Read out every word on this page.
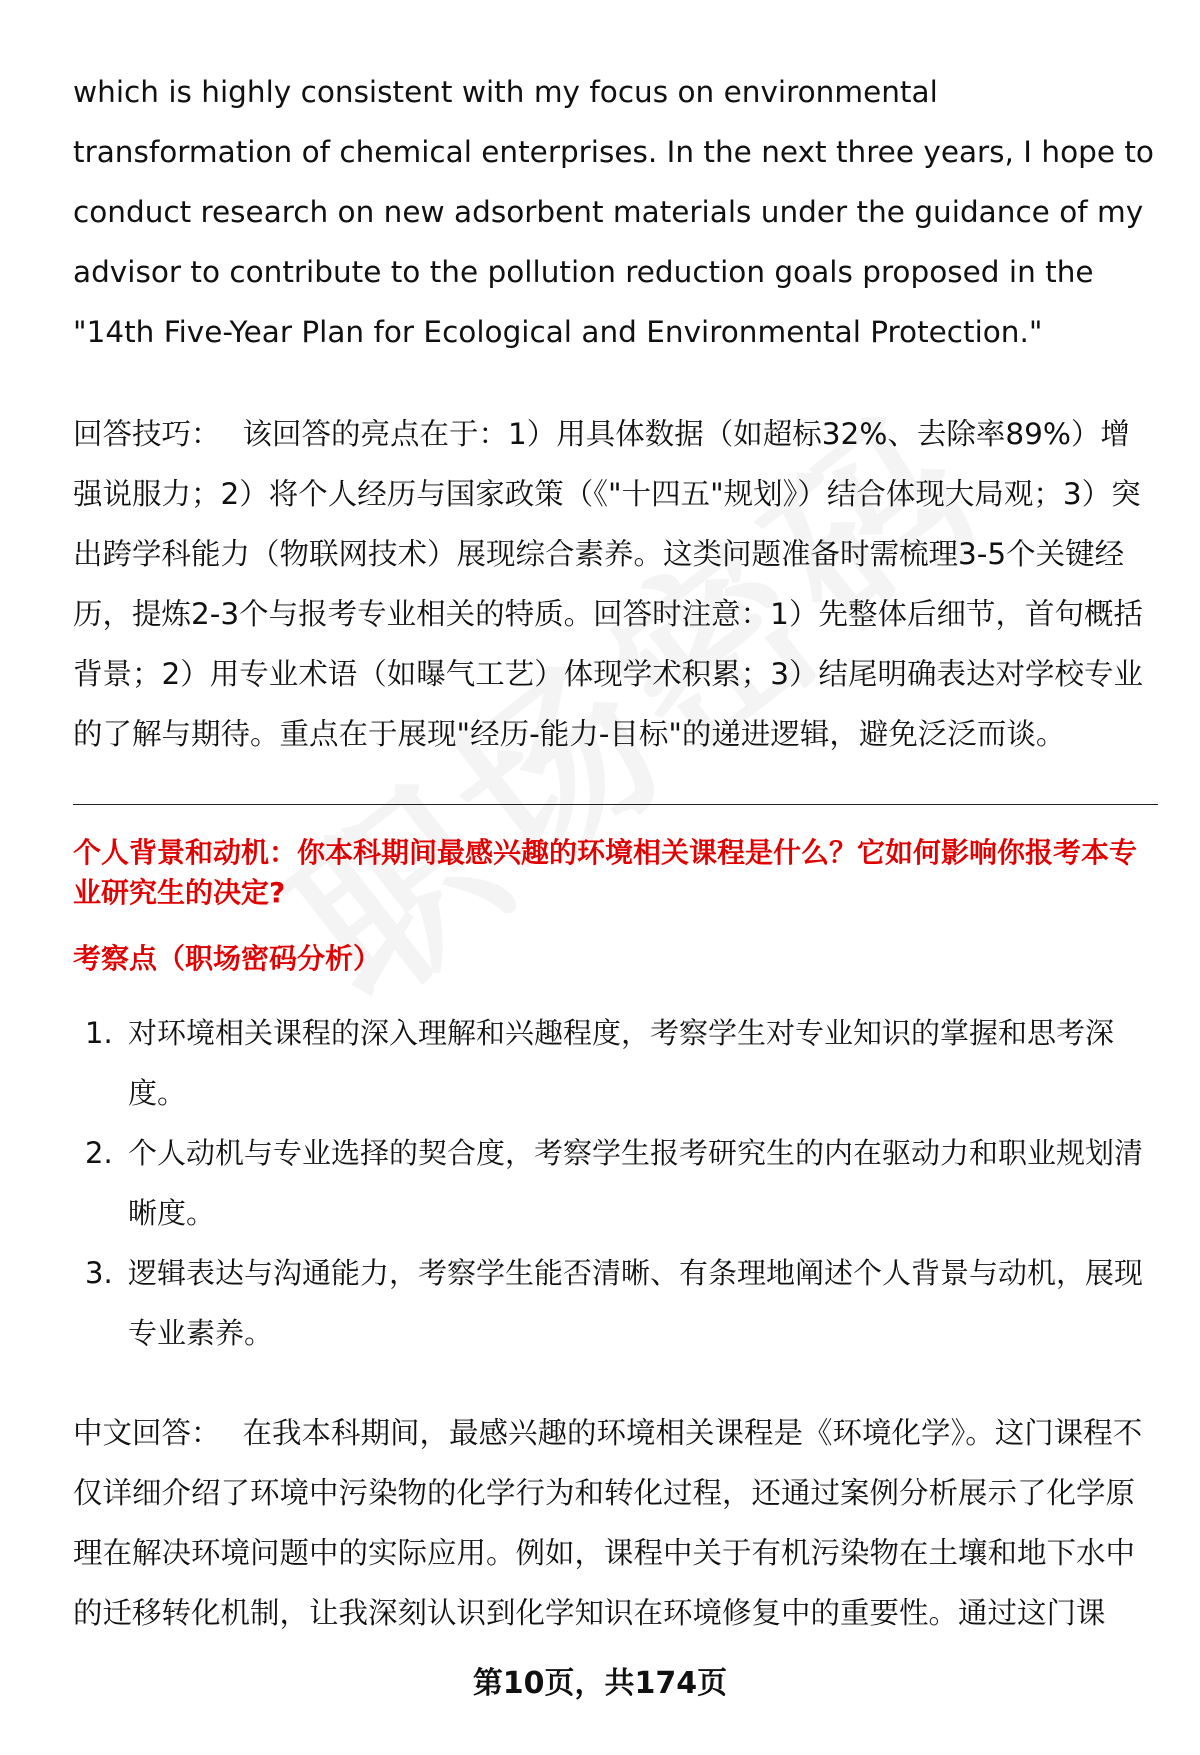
which is highly consistent with my focus on environmental transformation of chemical enterprises. In the next three years, I hope to conduct research on new adsorbent materials under the guidance of my advisor to contribute to the pollution reduction goals proposed in the "14th Five-Year Plan for Ecological and Environmental Protection."

回答技巧： 该回答的亮点在于：1）用具体数据（如超标32%、去除率89%）增强说服力；2）将个人经历与国家政策（《"十四五"规划》）结合体现大局观；3）突出跨学科能力（物联网技术）展现综合素养。这类问题准备时需梳理3-5个关键经历，提炼2-3个与报考专业相关的特质。回答时注意：1）先整体后细节，首句概括背景；2）用专业术语（如曝气工艺）体现学术积累；3）结尾明确表达对学校专业的了解与期待。重点在于展现"经历-能力-目标"的递进逻辑，避免泛泛而谈。

个人背景和动机：你本科期间最感兴趣的环境相关课程是什么？它如何影响你报考本专业研究生的决定?

考察点（职场密码分析）

1. 对环境相关课程的深入理解和兴趣程度，考察学生对专业知识的掌握和思考深度。
2. 个人动机与专业选择的契合度，考察学生报考研究生的内在驱动力和职业规划清晰度。
3. 逻辑表达与沟通能力，考察学生能否清晰、有条理地阐述个人背景与动机，展现专业素养。

中文回答： 在我本科期间，最感兴趣的环境相关课程是《环境化学》。这门课程不仅详细介绍了环境中污染物的化学行为和转化过程，还通过案例分析展示了化学原理在解决环境问题中的实际应用。例如，课程中关于有机污染物在土壤和地下水中的迁移转化机制，让我深刻认识到化学知识在环境修复中的重要性。通过这门课

第10页，共174页
